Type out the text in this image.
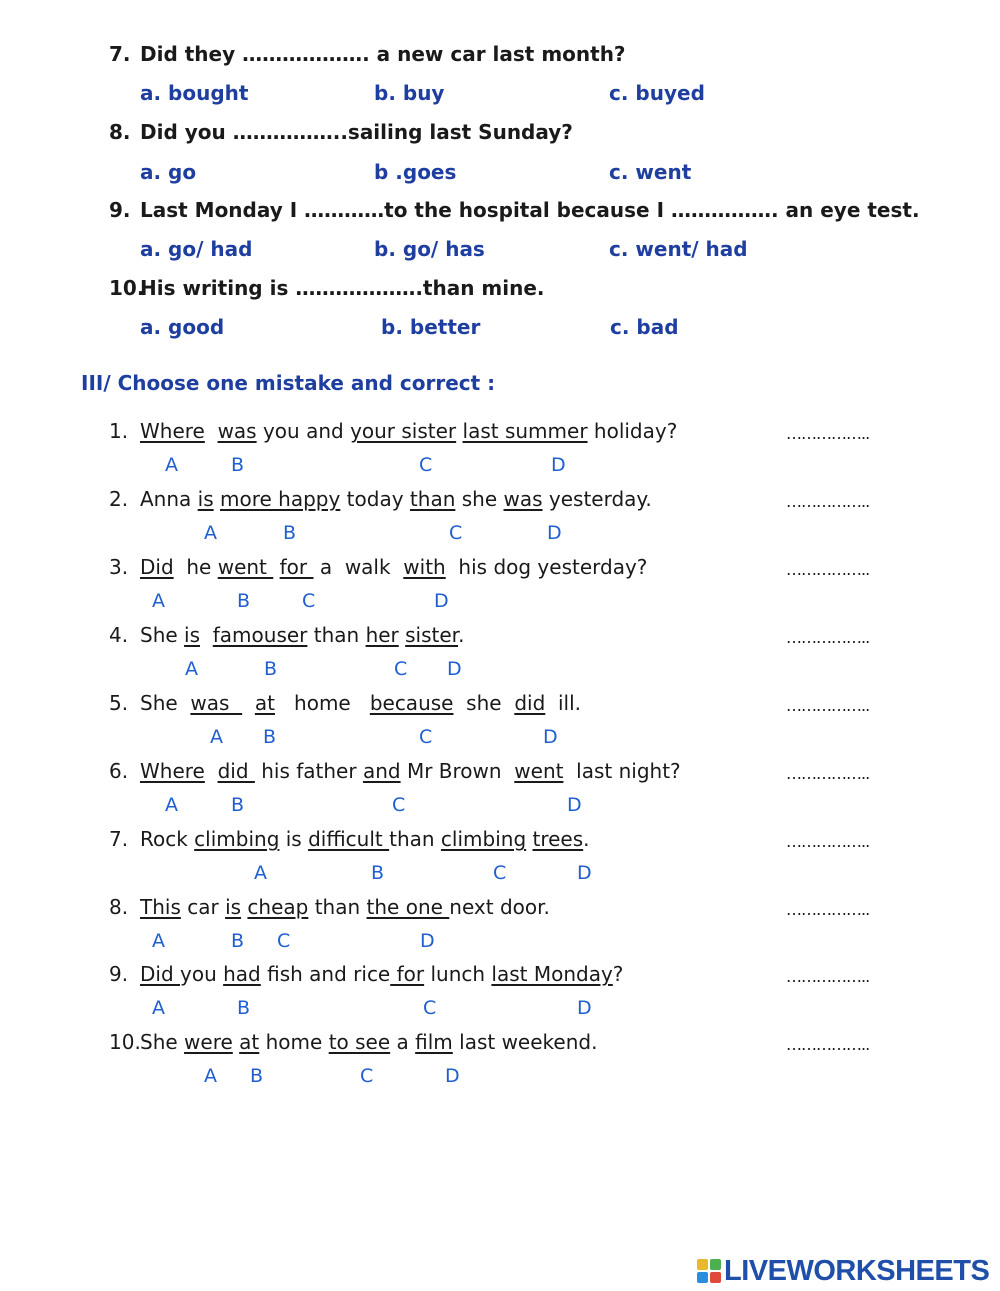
7. Did they ………………. a new car last month?
a. bought	b. buy	c. buyed
8. Did you ……………..sailing last Sunday?
a. go	b .goes	c. went
9. Last Monday I …………to the hospital because I ……………. an eye test.
a. go/ had	b. go/ has	c. went/ had
10.His writing is ……………….than mine.
a. good	b. better	c. bad
III/ Choose one mistake and correct :
1. Where was you and your sister last summer holiday?	……………..
A	B	C	D
2. Anna is more happy today than she was yesterday.	……………..
A	B	C	D
3. Did  he went  for  a  walk  with  his dog yesterday?	……………..
A	B	C	D
4. She is famouser than her sister.	……………..
A	B	C D
5. She  was    at   home   because  she  did  ill.	……………..
A B	C	D
6. Where did  his father and Mr Brown  went  last night?	……………..
A	B	C	D
7. Rock climbing is difficult than climbing trees.	……………..
A	B	C	D
8. This car is cheap than the one next door.	……………..
A	B C	D
9. Did you had fish and rice for lunch last Monday?	……………..
A	B	C	D
10.She were at home to see a film last weekend.	……………..
A B	C	D
LIVEWORKSHEETS
